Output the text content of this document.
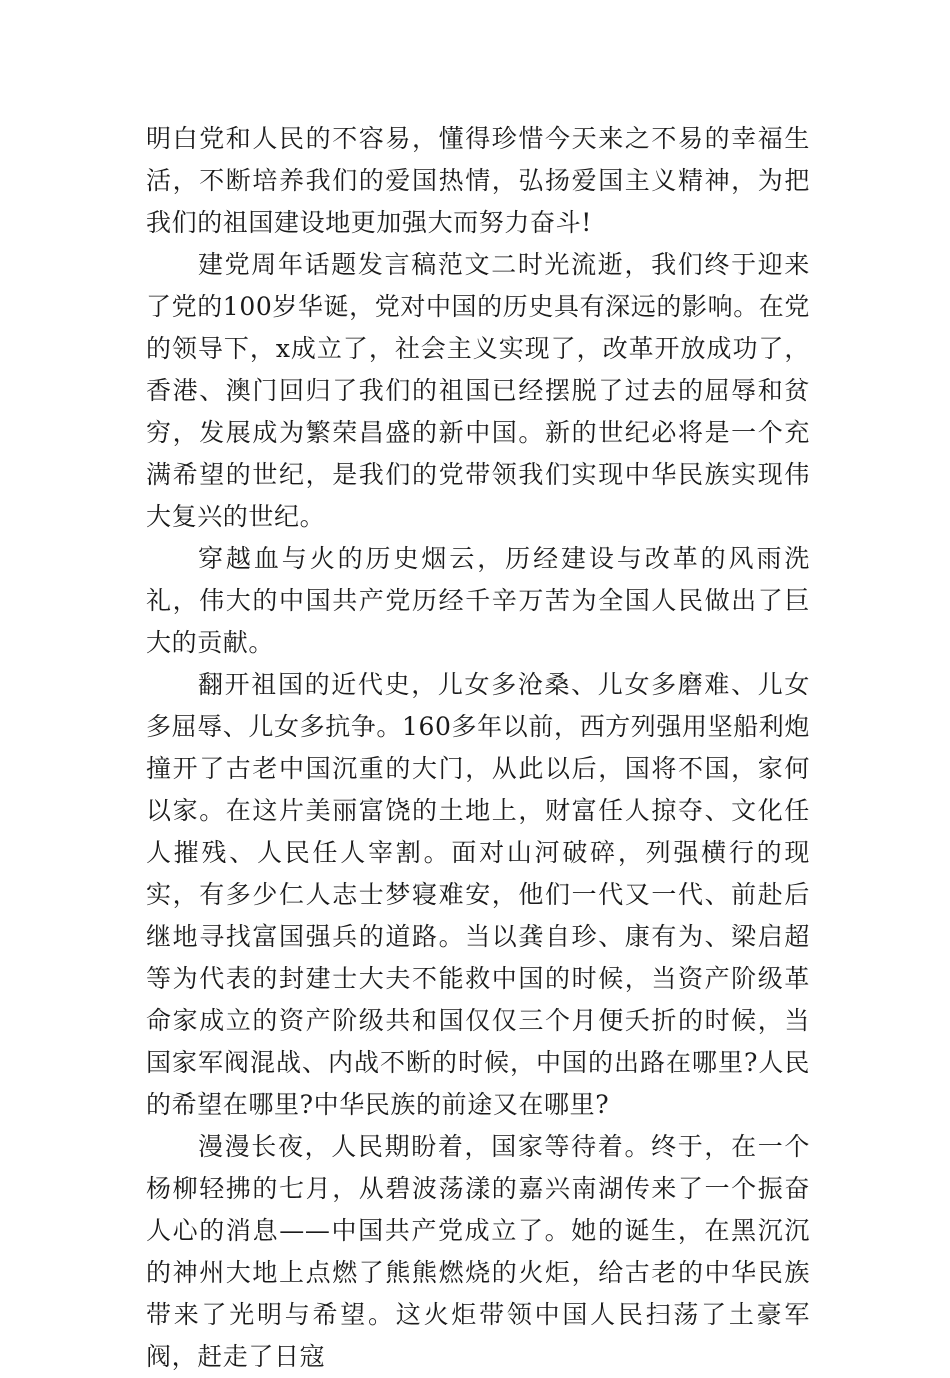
明白党和人民的不容易，懂得珍惜今天来之不易的幸福生活，不断培养我们的爱国热情，弘扬爱国主义精神，为把我们的祖国建设地更加强大而努力奋斗!

建党周年话题发言稿范文二时光流逝，我们终于迎来了党的100岁华诞，党对中国的历史具有深远的影响。在党的领导下，x成立了，社会主义实现了，改革开放成功了，香港、澳门回归了我们的祖国已经摆脱了过去的屈辱和贫穷，发展成为繁荣昌盛的新中国。新的世纪必将是一个充满希望的世纪，是我们的党带领我们实现中华民族实现伟大复兴的世纪。

穿越血与火的历史烟云，历经建设与改革的风雨洗礼，伟大的中国共产党历经千辛万苦为全国人民做出了巨大的贡献。

翻开祖国的近代史，儿女多沧桑、儿女多磨难、儿女多屈辱、儿女多抗争。160多年以前，西方列强用坚船利炮撞开了古老中国沉重的大门，从此以后，国将不国，家何以家。在这片美丽富饶的土地上，财富任人掠夺、文化任人摧残、人民任人宰割。面对山河破碎，列强横行的现实，有多少仁人志士梦寝难安，他们一代又一代、前赴后继地寻找富国强兵的道路。当以龚自珍、康有为、梁启超等为代表的封建士大夫不能救中国的时候，当资产阶级革命家成立的资产阶级共和国仅仅三个月便夭折的时候，当国家军阀混战、内战不断的时候，中国的出路在哪里?人民的希望在哪里?中华民族的前途又在哪里?

漫漫长夜，人民期盼着，国家等待着。终于，在一个杨柳轻拂的七月，从碧波荡漾的嘉兴南湖传来了一个振奋人心的消息——中国共产党成立了。她的诞生，在黑沉沉的神州大地上点燃了熊熊燃烧的火炬，给古老的中华民族带来了光明与希望。这火炬带领中国人民扫荡了土豪军阀，赶走了日寇
